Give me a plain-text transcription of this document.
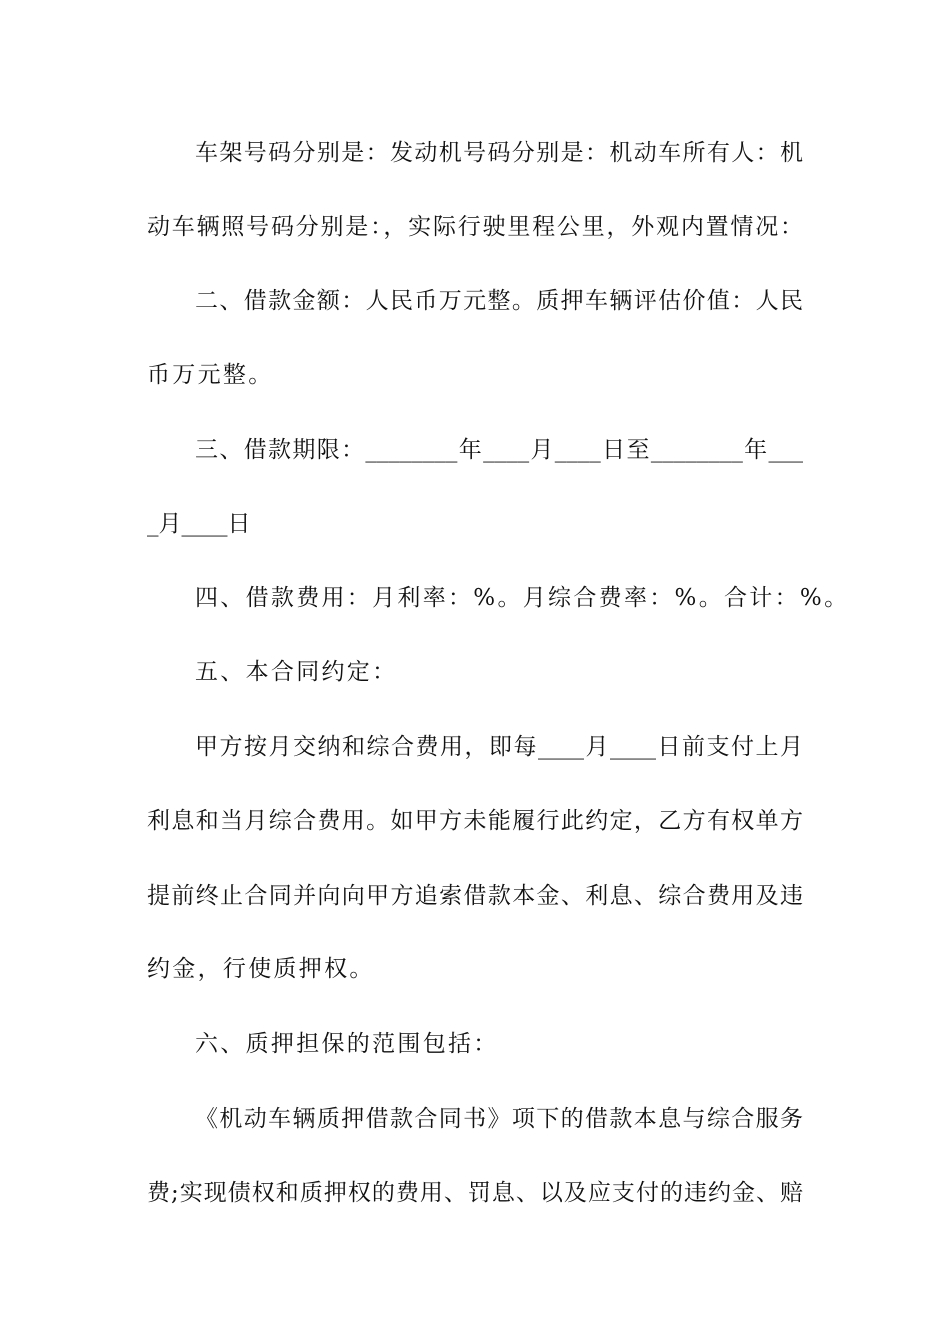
车架号码分别是：发动机号码分别是：机动车所有人：机
动车辆照号码分别是：，实际行驶里程公里，外观内置情况：
二、借款金额：人民币万元整。质押车辆评估价值：人民
币万元整。
三、借款期限：________年____月____日至________年___
_月____日
四、借款费用：月利率：%。月综合费率：%。合计：%。
五、本合同约定：
甲方按月交纳和综合费用，即每____月____日前支付上月
利息和当月综合费用。如甲方未能履行此约定，乙方有权单方
提前终止合同并向向甲方追索借款本金、利息、综合费用及违
约金，行使质押权。
六、质押担保的范围包括：
《机动车辆质押借款合同书》项下的借款本息与综合服务
费;实现债权和质押权的费用、罚息、以及应支付的违约金、赔
